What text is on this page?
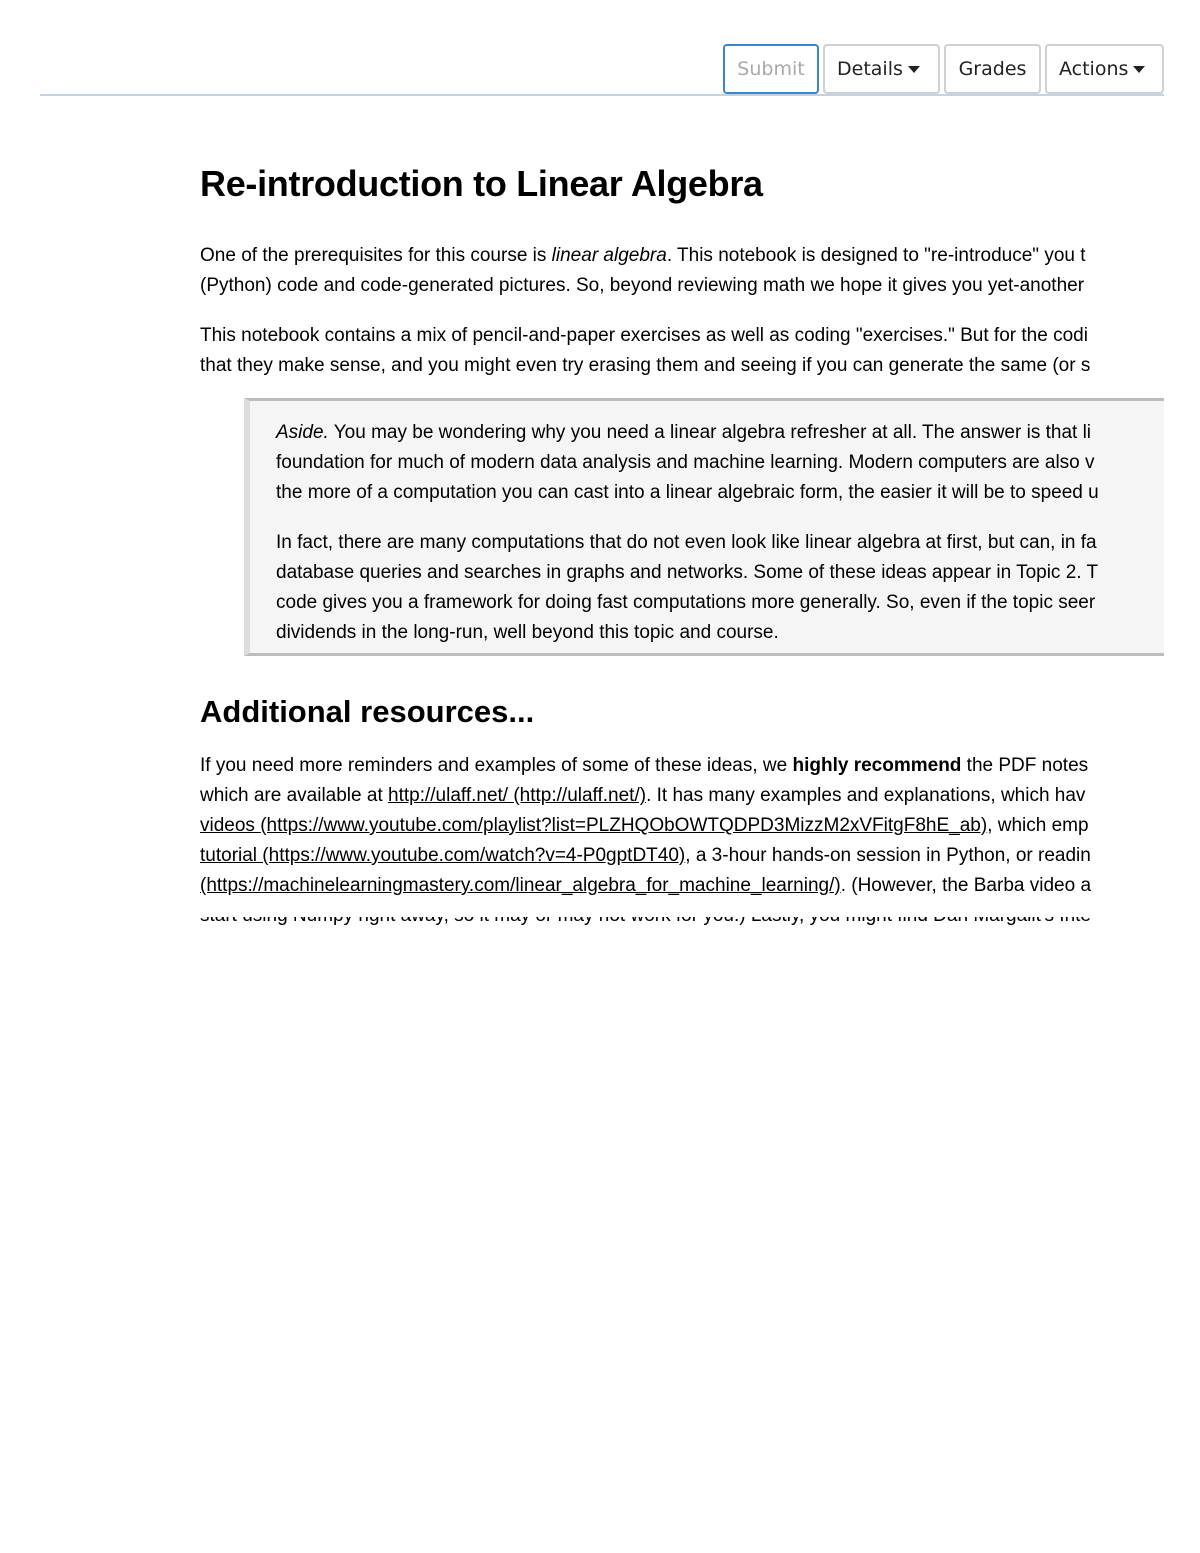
Submit Details	Grades Actions
Re-introduction to Linear Algebra
One of the prerequisites for this course is linear algebra. This notebook is designed to "re-introduce" you t
(Python) code and code-generated pictures. So, beyond reviewing math we hope it gives you yet-another
This notebook contains a mix of pencil-and-paper exercises as well as coding "exercises." But for the codi
that they make sense, and you might even try erasing them and seeing if you can generate the same (or s
Aside. You may be wondering why you need a linear algebra refresher at all. The answer is that li
foundation for much of modern data analysis and machine learning. Modern computers are also v
the more of a computation you can cast into a linear algebraic form, the easier it will be to speed u
In fact, there are many computations that do not even look like linear algebra at first, but can, in fa
database queries and searches in graphs and networks. Some of these ideas appear in Topic 2. T
code gives you a framework for doing fast computations more generally. So, even if the topic seer
dividends in the long-run, well beyond this topic and course.
Additional resources...
If you need more reminders and examples of some of these ideas, we highly recommend the PDF notes
which are available at http://ulaff.net/ (http://ulaff.net/). It has many examples and explanations, which hav
videos (https://www.youtube.com/playlist?list=PLZHQObOWTQDPD3MizzM2xVFitgF8hE_ab), which emp
tutorial (https://www.youtube.com/watch?v=4-P0gptDT40), a 3-hour hands-on session in Python, or readin
(https://machinelearningmastery.com/linear_algebra_for_machine_learning/). (However, the Barba video a
